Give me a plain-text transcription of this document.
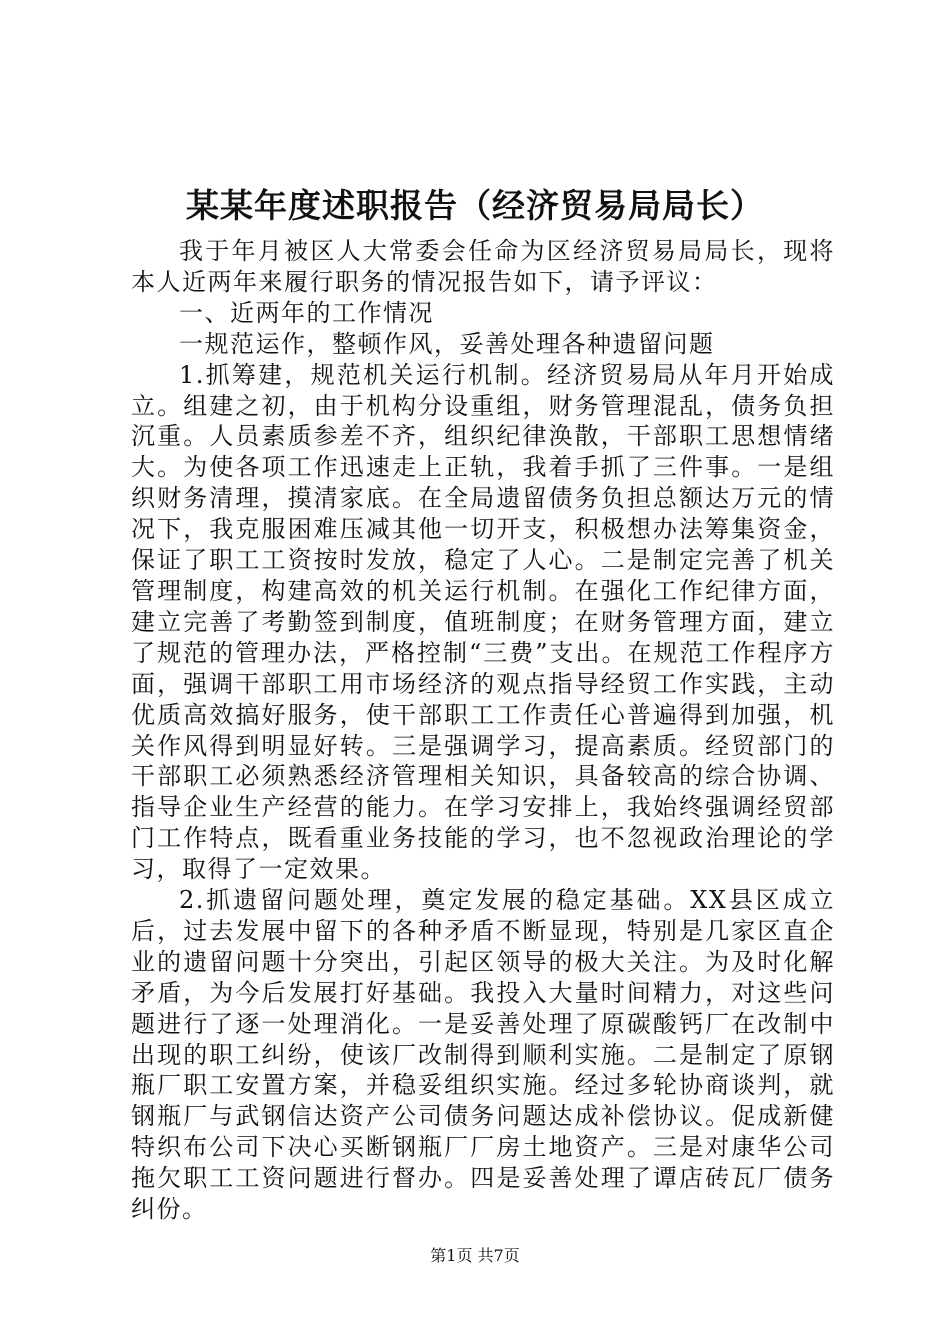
某某年度述职报告（经济贸易局局长）

我于年月被区人大常委会任命为区经济贸易局局长，现将本人近两年来履行职务的情况报告如下，请予评议：

一、近两年的工作情况

一规范运作，整顿作风，妥善处理各种遗留问题

1.抓筹建，规范机关运行机制。经济贸易局从年月开始成立。组建之初，由于机构分设重组，财务管理混乱，债务负担沉重。人员素质参差不齐，组织纪律涣散，干部职工思想情绪大。为使各项工作迅速走上正轨，我着手抓了三件事。一是组织财务清理，摸清家底。在全局遗留债务负担总额达万元的情况下，我克服困难压减其他一切开支，积极想办法筹集资金，保证了职工工资按时发放，稳定了人心。二是制定完善了机关管理制度，构建高效的机关运行机制。在强化工作纪律方面，建立完善了考勤签到制度，值班制度；在财务管理方面，建立了规范的管理办法，严格控制“三费”支出。在规范工作程序方面，强调干部职工用市场经济的观点指导经贸工作实践，主动优质高效搞好服务，使干部职工工作责任心普遍得到加强，机关作风得到明显好转。三是强调学习，提高素质。经贸部门的干部职工必须熟悉经济管理相关知识，具备较高的综合协调、指导企业生产经营的能力。在学习安排上，我始终强调经贸部门工作特点，既看重业务技能的学习，也不忽视政治理论的学习，取得了一定效果。

2.抓遗留问题处理，奠定发展的稳定基础。XX县区成立后，过去发展中留下的各种矛盾不断显现，特别是几家区直企业的遗留问题十分突出，引起区领导的极大关注。为及时化解矛盾，为今后发展打好基础。我投入大量时间精力，对这些问题进行了逐一处理消化。一是妥善处理了原碳酸钙厂在改制中出现的职工纠纷，使该厂改制得到顺利实施。二是制定了原钢瓶厂职工安置方案，并稳妥组织实施。经过多轮协商谈判，就钢瓶厂与武钢信达资产公司债务问题达成补偿协议。促成新健特织布公司下决心买断钢瓶厂厂房土地资产。三是对康华公司拖欠职工工资问题进行督办。四是妥善处理了谭店砖瓦厂债务纠份。

第1页 共7页
